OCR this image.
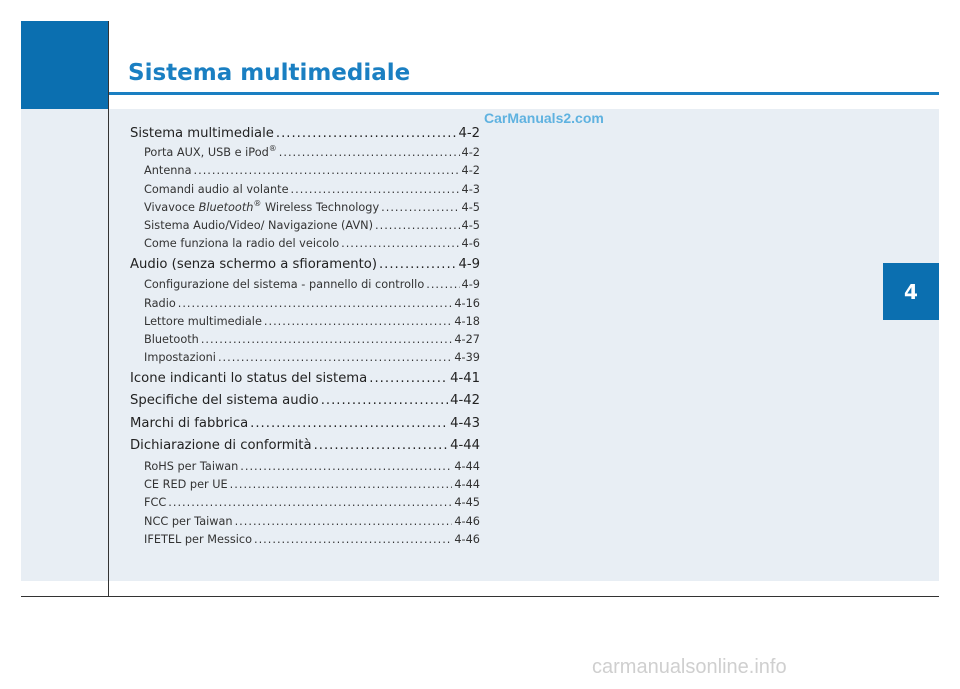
Sistema multimediale
4
CarManuals2.com
carmanualsonline.info
Sistema multimediale .....	4-2
Porta AUX, USB e iPod® .....	4-2
Antenna .....	4-2
Comandi audio al volante .....	4-3
Vivavoce Bluetooth® Wireless Technology .....	4-5
Sistema Audio/Video/ Navigazione (AVN) .....	4-5
Come funziona la radio del veicolo .....	4-6
Audio (senza schermo a sfioramento) .....	4-9
Configurazione del sistema - pannello di controllo .....	4-9
Radio .....	4-16
Lettore multimediale .....	4-18
Bluetooth .....	4-27
Impostazioni .....	4-39
Icone indicanti lo status del sistema .....	4-41
Specifiche del sistema audio .....	4-42
Marchi di fabbrica .....	4-43
Dichiarazione di conformità .....	4-44
RoHS per Taiwan .....	4-44
CE RED per UE .....	4-44
FCC .....	4-45
NCC per Taiwan .....	4-46
IFETEL per Messico .....	4-46
